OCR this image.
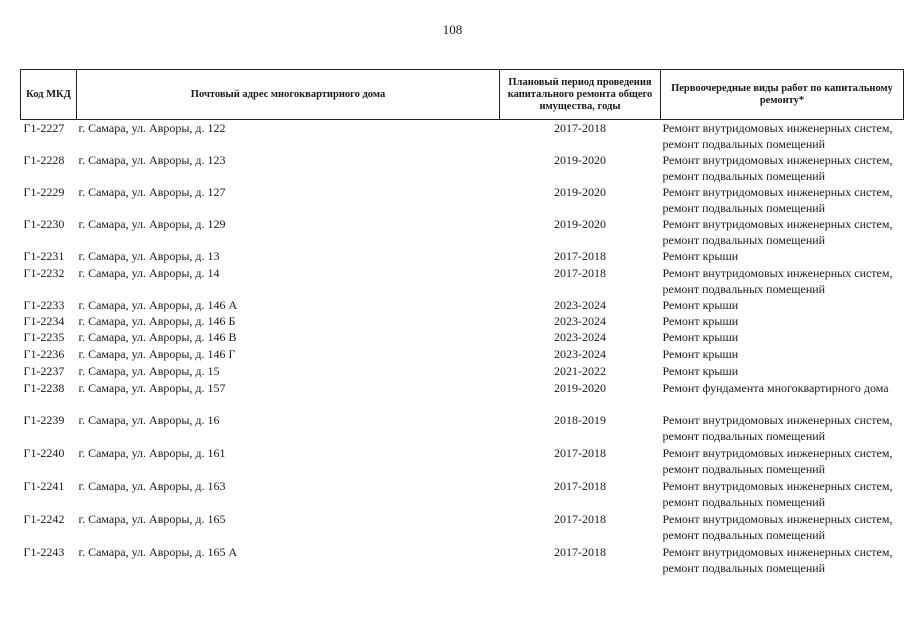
108
Код МКД	Почтовый адрес многоквартирного дома	Плановый период проведения капитального ремонта общего имущества, годы	Первоочередные виды работ по капитальному ремонту*
Г1-2227	г. Самара, ул. Авроры, д. 122	2017-2018	Ремонт внутридомовых инженерных систем, ремонт подвальных помещений
Г1-2228	г. Самара, ул. Авроры, д. 123	2019-2020	Ремонт внутридомовых инженерных систем, ремонт подвальных помещений
Г1-2229	г. Самара, ул. Авроры, д. 127	2019-2020	Ремонт внутридомовых инженерных систем, ремонт подвальных помещений
Г1-2230	г. Самара, ул. Авроры, д. 129	2019-2020	Ремонт внутридомовых инженерных систем, ремонт подвальных помещений
Г1-2231	г. Самара, ул. Авроры, д. 13	2017-2018	Ремонт крыши
Г1-2232	г. Самара, ул. Авроры, д. 14	2017-2018	Ремонт внутридомовых инженерных систем, ремонт подвальных помещений
Г1-2233	г. Самара, ул. Авроры, д. 146 А	2023-2024	Ремонт крыши
Г1-2234	г. Самара, ул. Авроры, д. 146 Б	2023-2024	Ремонт крыши
Г1-2235	г. Самара, ул. Авроры, д. 146 В	2023-2024	Ремонт крыши
Г1-2236	г. Самара, ул. Авроры, д. 146 Г	2023-2024	Ремонт крыши
Г1-2237	г. Самара, ул. Авроры, д. 15	2021-2022	Ремонт крыши
Г1-2238	г. Самара, ул. Авроры, д. 157	2019-2020	Ремонт фундамента многоквартирного дома
Г1-2239	г. Самара, ул. Авроры, д. 16	2018-2019	Ремонт внутридомовых инженерных систем, ремонт подвальных помещений
Г1-2240	г. Самара, ул. Авроры, д. 161	2017-2018	Ремонт внутридомовых инженерных систем, ремонт подвальных помещений
Г1-2241	г. Самара, ул. Авроры, д. 163	2017-2018	Ремонт внутридомовых инженерных систем, ремонт подвальных помещений
Г1-2242	г. Самара, ул. Авроры, д. 165	2017-2018	Ремонт внутридомовых инженерных систем, ремонт подвальных помещений
Г1-2243	г. Самара, ул. Авроры, д. 165 А	2017-2018	Ремонт внутридомовых инженерных систем, ремонт подвальных помещений
